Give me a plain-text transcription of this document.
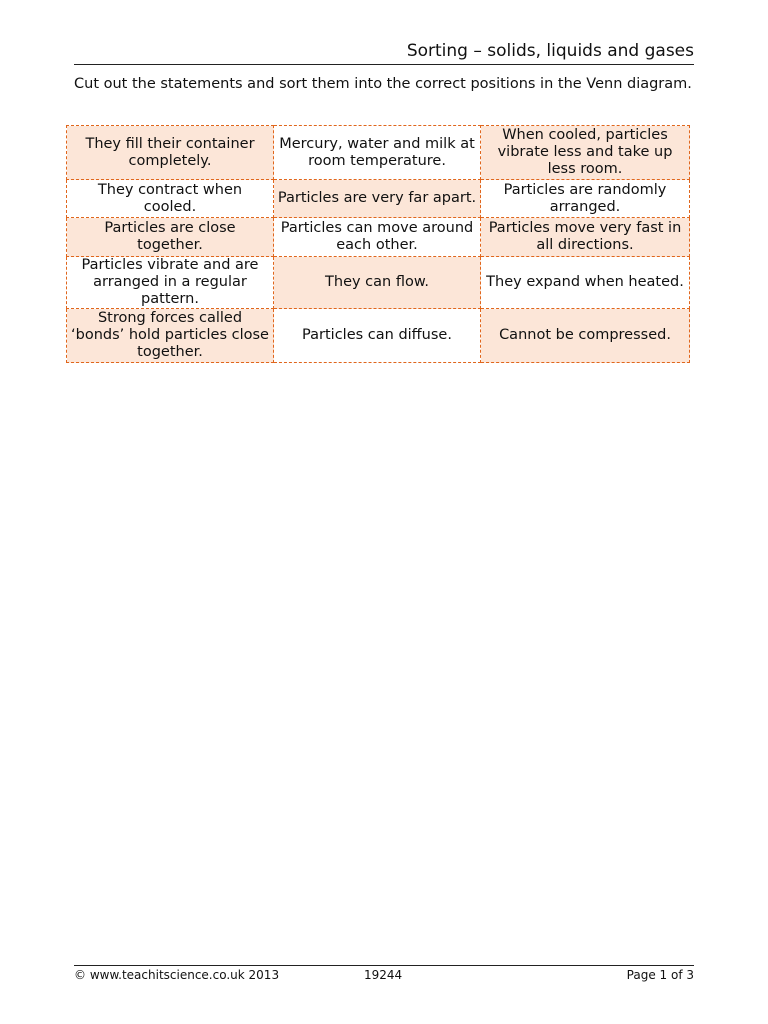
Sorting – solids, liquids and gases
Cut out the statements and sort them into the correct positions in the Venn diagram.
They fill their container completely.	Mercury, water and milk at room temperature.	When cooled, particles vibrate less and take up less room.
They contract when cooled.	Particles are very far apart.	Particles are randomly arranged.
Particles are close together.	Particles can move around each other.	Particles move very fast in all directions.
Particles vibrate and are arranged in a regular pattern.	They can flow.	They expand when heated.
Strong forces called ‘bonds’ hold particles close together.	Particles can diffuse.	Cannot be compressed.
© www.teachitscience.co.uk 2013	19244	Page 1 of 3
